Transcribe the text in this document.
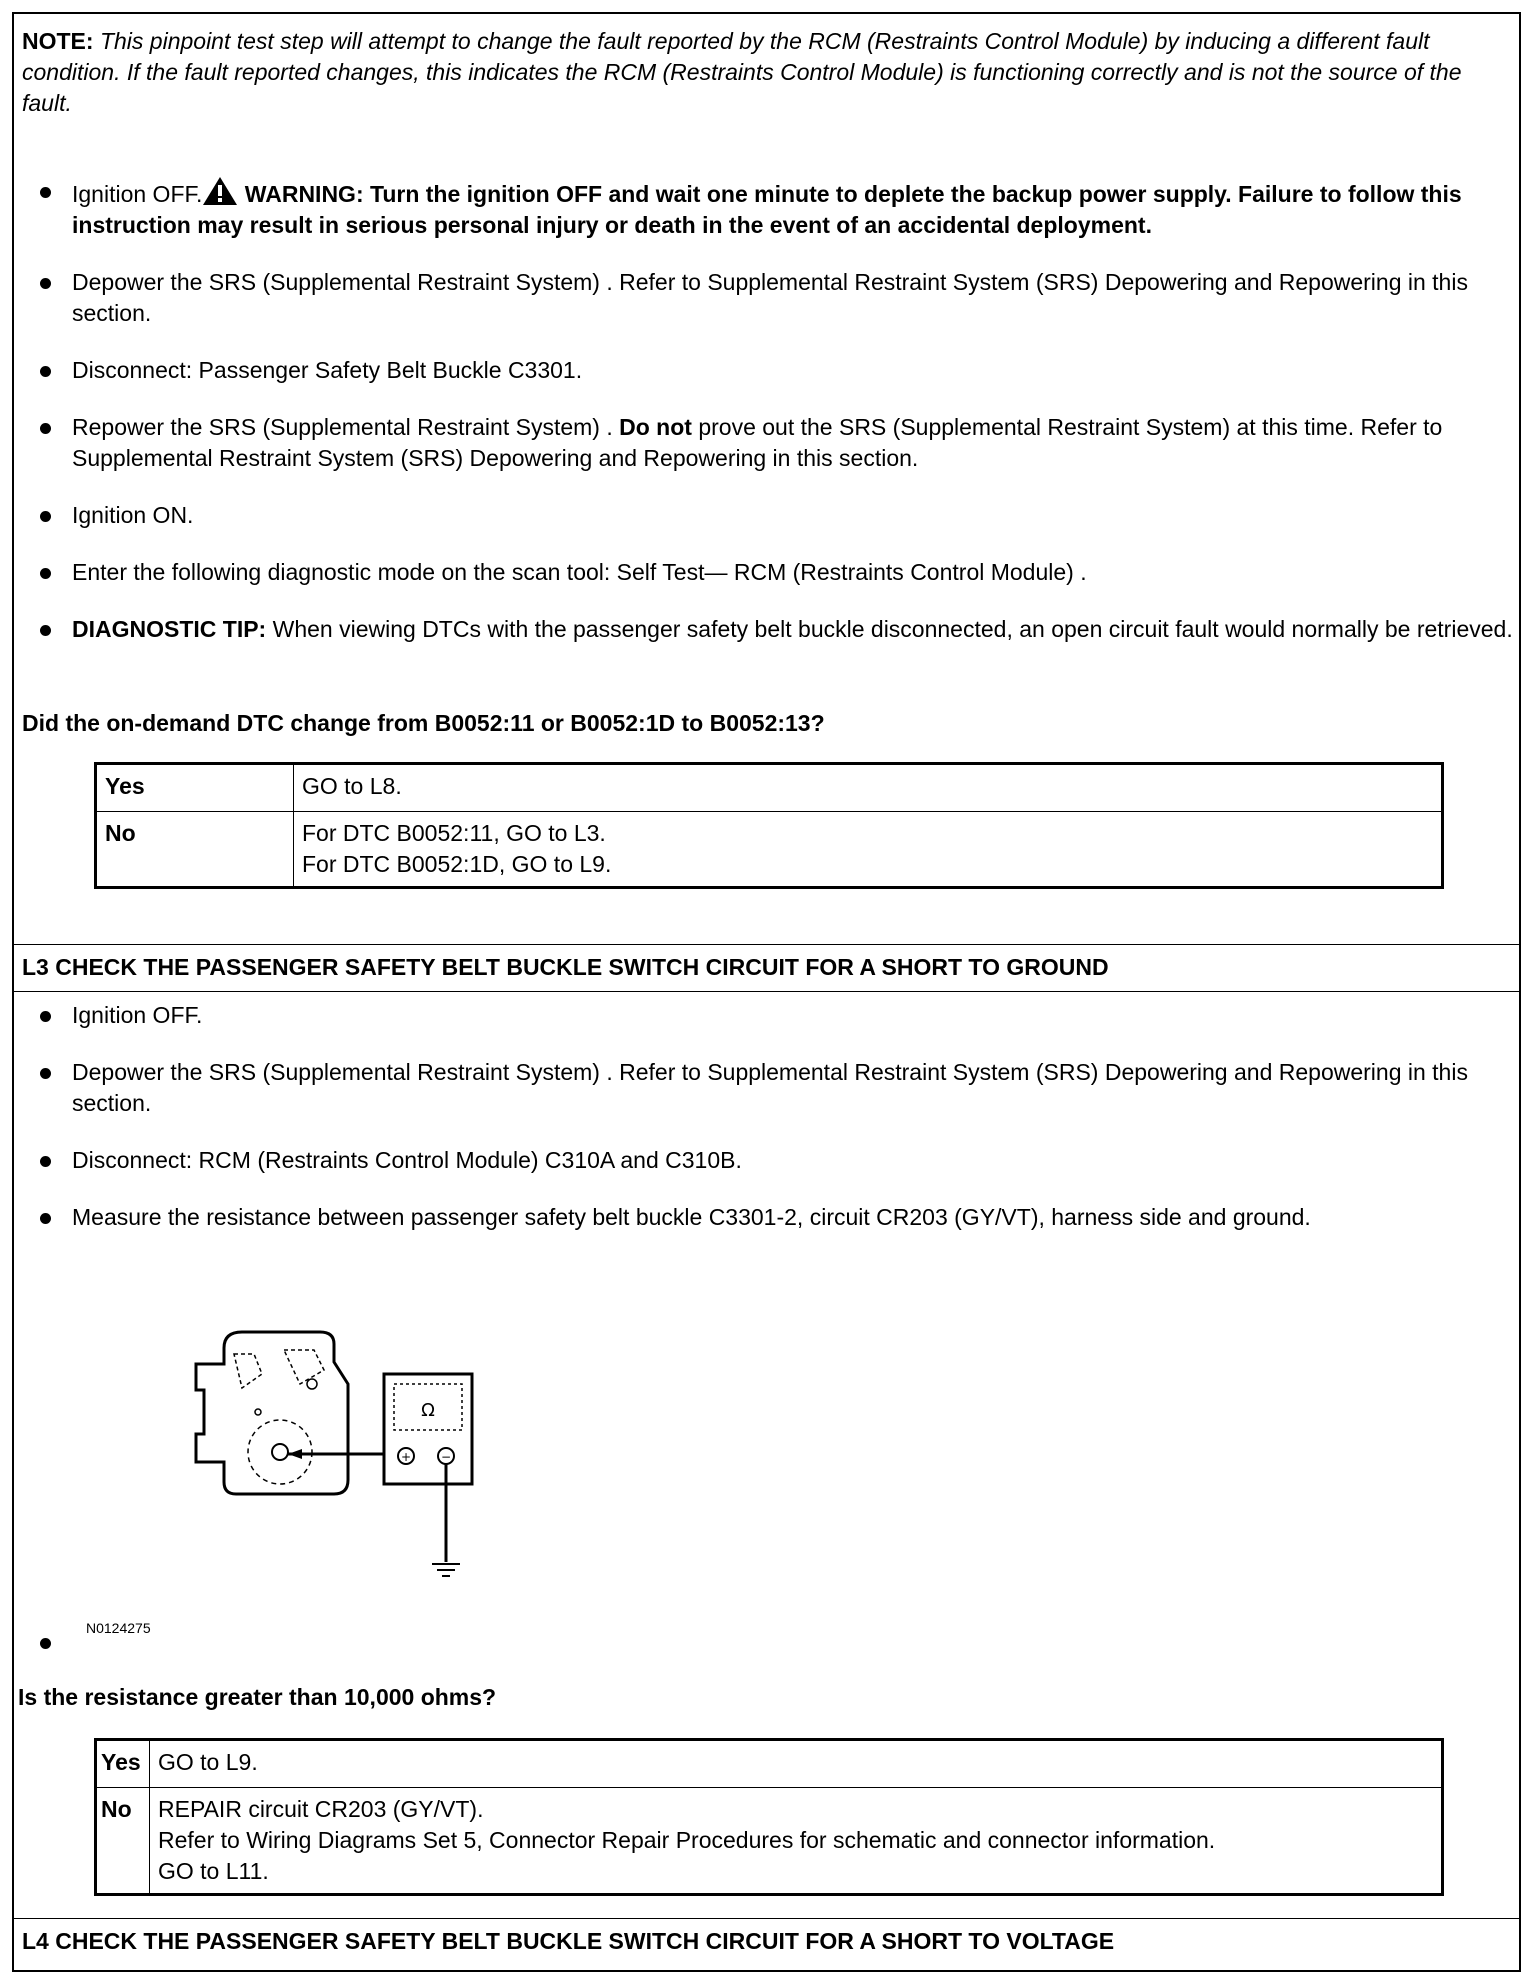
NOTE: This pinpoint test step will attempt to change the fault reported by the RCM (Restraints Control Module) by inducing a different fault condition. If the fault reported changes, this indicates the RCM (Restraints Control Module) is functioning correctly and is not the source of the fault.
Ignition OFF. WARNING: Turn the ignition OFF and wait one minute to deplete the backup power supply. Failure to follow this instruction may result in serious personal injury or death in the event of an accidental deployment.
Depower the SRS (Supplemental Restraint System) . Refer to Supplemental Restraint System (SRS) Depowering and Repowering in this section.
Disconnect: Passenger Safety Belt Buckle C3301.
Repower the SRS (Supplemental Restraint System) . Do not prove out the SRS (Supplemental Restraint System) at this time. Refer to Supplemental Restraint System (SRS) Depowering and Repowering in this section.
Ignition ON.
Enter the following diagnostic mode on the scan tool: Self Test— RCM (Restraints Control Module) .
DIAGNOSTIC TIP: When viewing DTCs with the passenger safety belt buckle disconnected, an open circuit fault would normally be retrieved.
Did the on-demand DTC change from B0052:11 or B0052:1D to B0052:13?
Yes	GO to L8.
No	For DTC B0052:11, GO to L3.
For DTC B0052:1D, GO to L9.
L3 CHECK THE PASSENGER SAFETY BELT BUCKLE SWITCH CIRCUIT FOR A SHORT TO GROUND
Ignition OFF.
Depower the SRS (Supplemental Restraint System) . Refer to Supplemental Restraint System (SRS) Depowering and Repowering in this section.
Disconnect: RCM (Restraints Control Module) C310A and C310B.
Measure the resistance between passenger safety belt buckle C3301-2, circuit CR203 (GY/VT), harness side and ground.
Ω
+ −
N0124275
Is the resistance greater than 10,000 ohms?
Yes	GO to L9.
No	REPAIR circuit CR203 (GY/VT).
Refer to Wiring Diagrams Set 5, Connector Repair Procedures for schematic and connector information.
GO to L11.
L4 CHECK THE PASSENGER SAFETY BELT BUCKLE SWITCH CIRCUIT FOR A SHORT TO VOLTAGE
